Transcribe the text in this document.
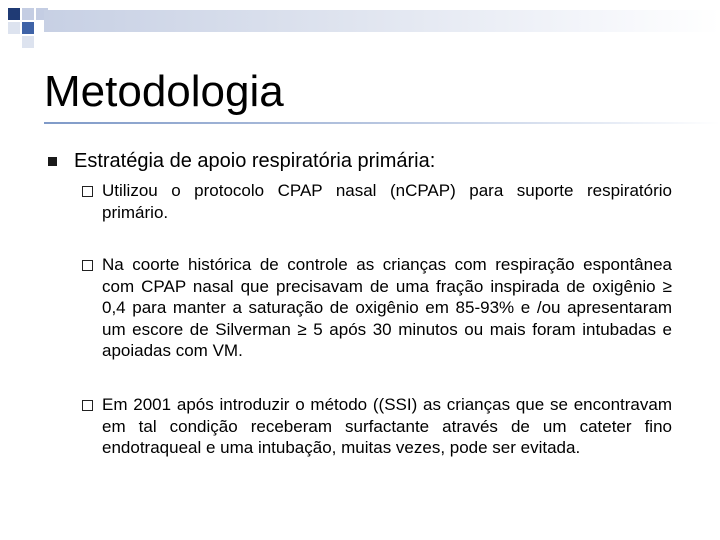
Metodologia
Estratégia de apoio respiratória primária:

Utilizou o protocolo CPAP nasal (nCPAP) para suporte respiratório primário.

Na coorte histórica de controle as crianças com respiração espontânea com CPAP nasal que precisavam de uma fração inspirada de oxigênio ≥ 0,4 para manter a saturação de oxigênio em 85-93% e /ou apresentaram um escore de Silverman ≥ 5 após 30 minutos ou mais foram intubadas e apoiadas com VM.

Em 2001 após introduzir o método ((SSI) as crianças que se encontravam em tal condição receberam surfactante através de um cateter fino endotraqueal e uma intubação, muitas vezes, pode ser evitada.
